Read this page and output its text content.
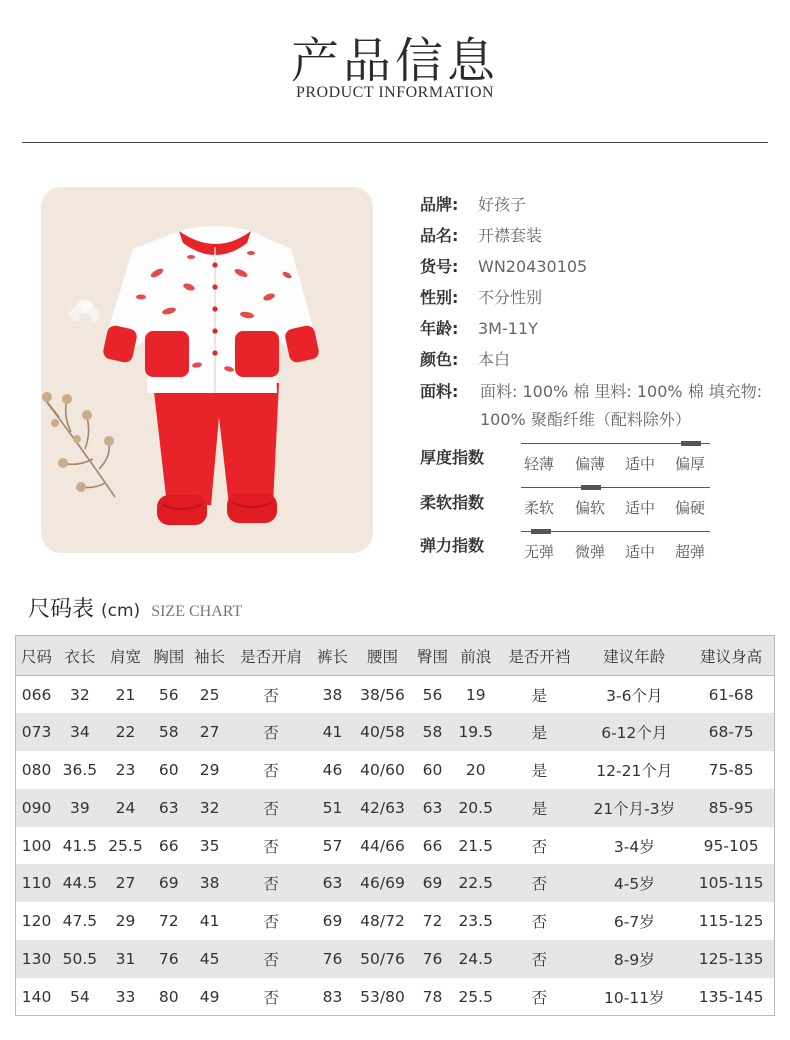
产品信息
PRODUCT INFORMATION
品牌: 好孩子
品名: 开襟套装
货号: WN20430105
性别: 不分性别
年龄: 3M-11Y
颜色: 本白
面料: 面料: 100% 棉 里料: 100% 棉 填充物: 100% 聚酯纤维（配料除外）
厚度指数	轻薄 偏薄 适中 偏厚
柔软指数	柔软 偏软 适中 偏硬
弹力指数	无弹 微弹 适中 超弹
尺码表 (cm) SIZE CHART
尺码	衣长	肩宽	胸围	袖长	是否开肩	裤长	腰围	臀围	前浪	是否开裆	建议年龄	建议身高
066	32	21	56	25	否	38	38/56	56	19	是	3-6个月	61-68
073	34	22	58	27	否	41	40/58	58	19.5	是	6-12个月	68-75
080	36.5	23	60	29	否	46	40/60	60	20	是	12-21个月	75-85
090	39	24	63	32	否	51	42/63	63	20.5	是	21个月-3岁	85-95
100	41.5	25.5	66	35	否	57	44/66	66	21.5	否	3-4岁	95-105
110	44.5	27	69	38	否	63	46/69	69	22.5	否	4-5岁	105-115
120	47.5	29	72	41	否	69	48/72	72	23.5	否	6-7岁	115-125
130	50.5	31	76	45	否	76	50/76	76	24.5	否	8-9岁	125-135
140	54	33	80	49	否	83	53/80	78	25.5	否	10-11岁	135-145
